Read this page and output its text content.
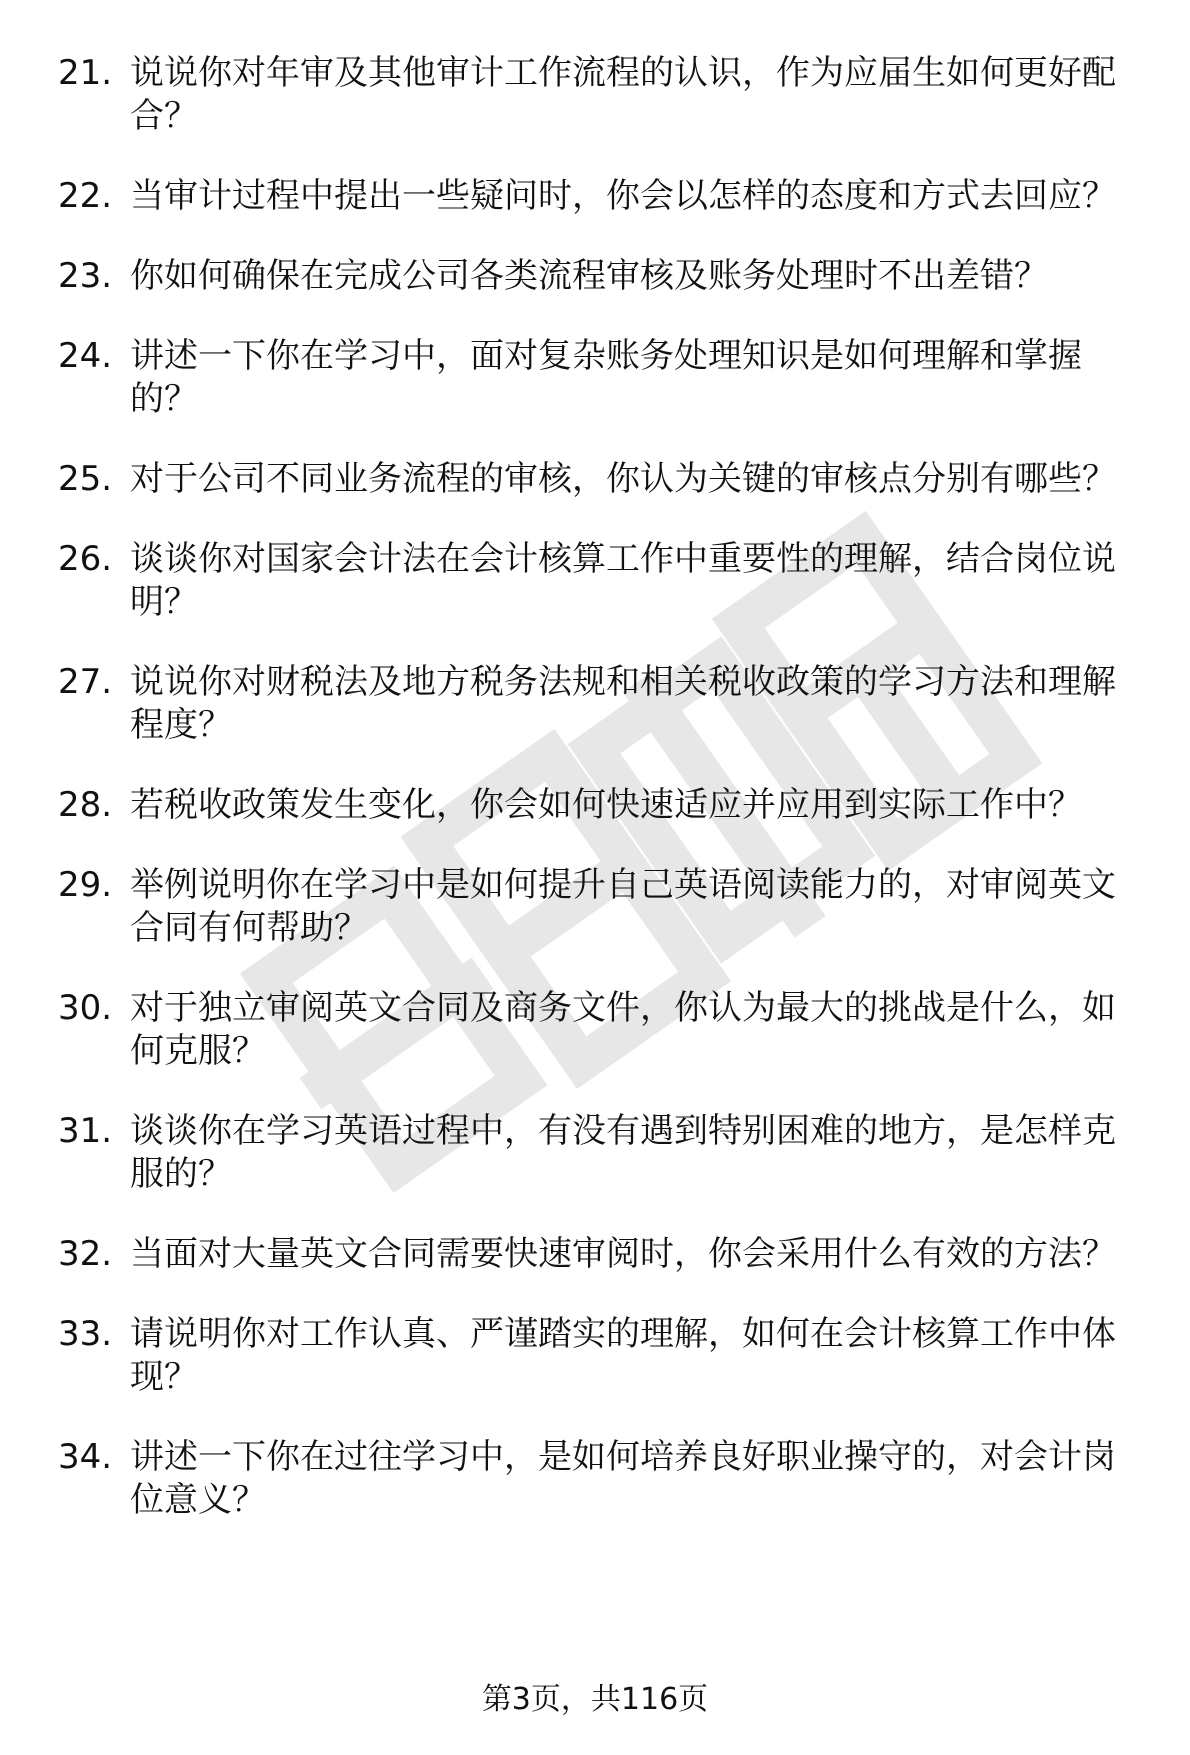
21. 说说你对年审及其他审计工作流程的认识，作为应届生如何更好配合？
22. 当审计过程中提出一些疑问时，你会以怎样的态度和方式去回应？
23. 你如何确保在完成公司各类流程审核及账务处理时不出差错？
24. 讲述一下你在学习中，面对复杂账务处理知识是如何理解和掌握的？
25. 对于公司不同业务流程的审核，你认为关键的审核点分别有哪些？
26. 谈谈你对国家会计法在会计核算工作中重要性的理解，结合岗位说明？
27. 说说你对财税法及地方税务法规和相关税收政策的学习方法和理解程度？
28. 若税收政策发生变化，你会如何快速适应并应用到实际工作中？
29. 举例说明你在学习中是如何提升自己英语阅读能力的，对审阅英文合同有何帮助？
30. 对于独立审阅英文合同及商务文件，你认为最大的挑战是什么，如何克服？
31. 谈谈你在学习英语过程中，有没有遇到特别困难的地方，是怎样克服的？
32. 当面对大量英文合同需要快速审阅时，你会采用什么有效的方法？
33. 请说明你对工作认真、严谨踏实的理解，如何在会计核算工作中体现？
34. 讲述一下你在过往学习中，是如何培养良好职业操守的，对会计岗位意义？
第3页，共116页
